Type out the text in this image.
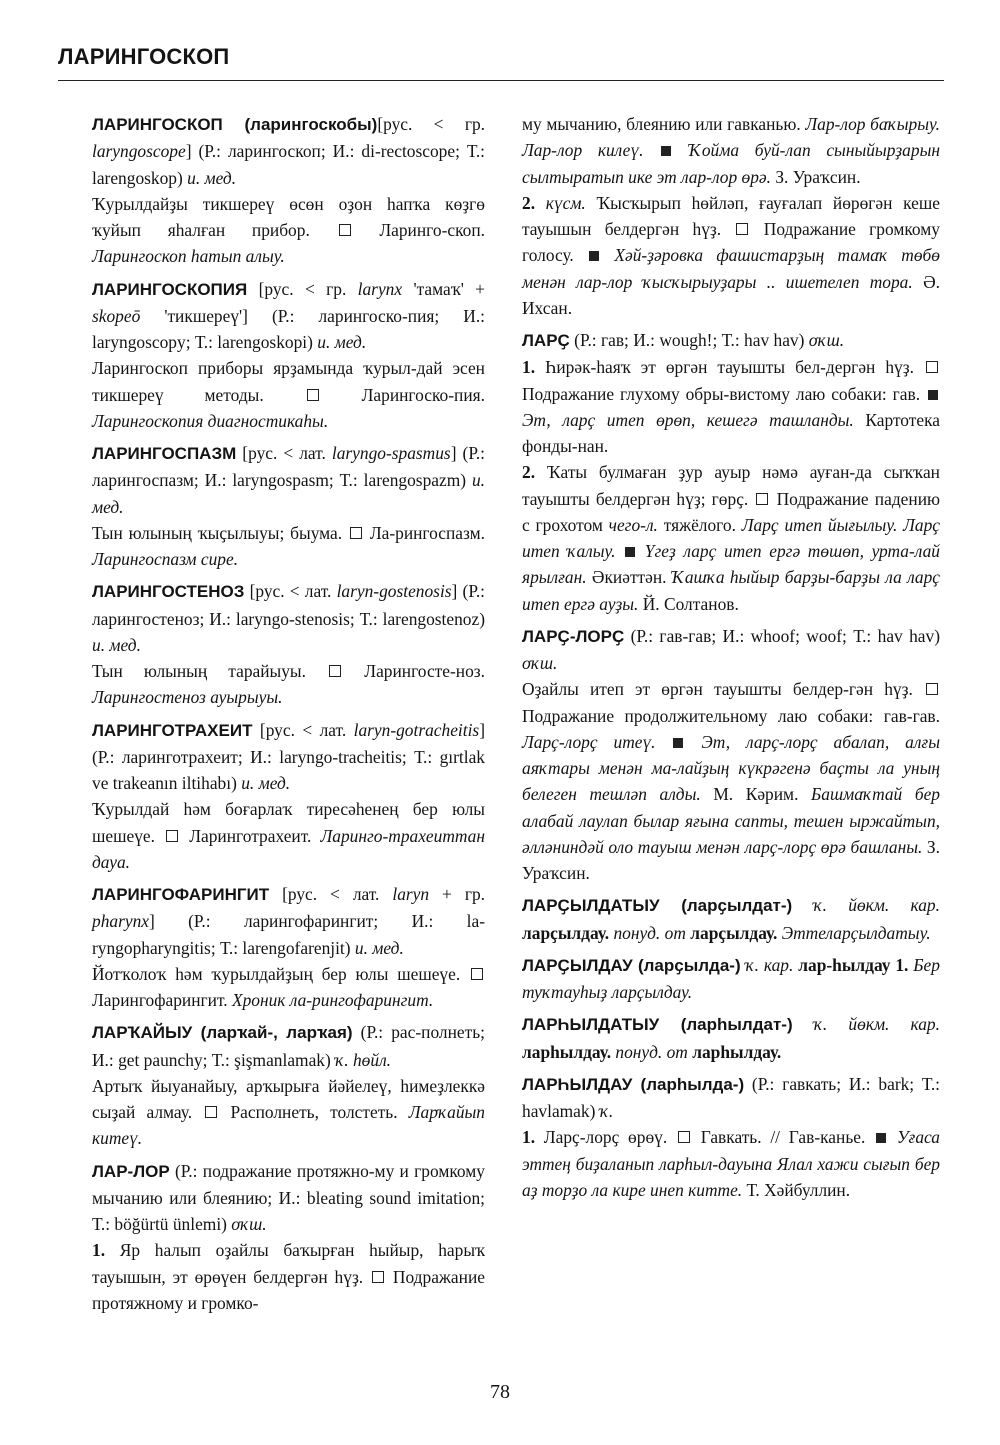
ЛАРИНГОСКОП

ЛАРИНГОСКОП (ларингоскобы)[рус. < гр. laryngoscope] (Р.: ларингоскоп; И.: di-rectoscope; Т.: larengoskop) и. мед.

Ҡурылдайҙы тикшереү өсөн оҙон һапҡа көҙгө ҡуйып яһалған прибор.  Ларинго-скоп. Ларингоскоп һатып алыу.

ЛАРИНГОСКОПИЯ [рус. < гр. larynx 'тамаҡ' + skopeō 'тикшереү'] (Р.: ларингоско-пия; И.: laryngoscopy; Т.: larengoskopi) и. мед.

Ларингоскоп приборы ярҙамында ҡурыл-дай эсен тикшереү методы.  Ларингоско-пия. Ларингоскопия диагностикаһы.

ЛАРИНГОСПАЗМ [рус. < лат. laryngo-spasmus] (Р.: ларингоспазм; И.: laryngospasm; Т.: larengospazm) и. мед.

Тын юлының ҡыҫылыуы; быума.  Ла-рингоспазм. Ларингоспазм сире.

ЛАРИНГОСТЕНОЗ [рус. < лат. laryn-gostenosis] (Р.: ларингостеноз; И.: laryngo-stenosis; Т.: larengostenoz) и. мед.

Тын юлының тарайыуы.  Ларингосте-ноз. Ларингостеноз ауырыуы.

ЛАРИНГОТРАХЕИТ [рус. < лат. laryn-gotracheitis] (Р.: ларинготрахеит; И.: laryngo-tracheitis; Т.: gırtlak ve trakeanın iltihabı) и. мед.

Ҡурылдай һәм боғарлаҡ тиресәһенең бер юлы шешеүе.  Ларинготрахеит. Ларинго-трахеиттан дауа.

ЛАРИНГОФАРИНГИТ [рус. < лат. laryn + гр. pharynx] (Р.: ларингофарингит; И.: la-ryngopharyngitis; Т.: larengofarenjit) и. мед.

Йотҡолоҡ һәм ҡурылдайҙың бер юлы шешеүе.  Ларингофарингит. Хроник ла-рингофарингит.

ЛАРҠАЙЫУ (ларҡай-, ларҡая) (Р.: рас-полнеть; И.: get paunchy; Т.: şişmanlamak) ҡ. һөйл.

Артыҡ йыуанайыу, арҡырыға йәйелеү, һимеҙлеккә сыҙай алмау.  Располнеть, толстеть. Ларҡайып китеү.

ЛАР-ЛОР (Р.: подражание протяжно-му и громкому мычанию или блеянию; И.: bleating sound imitation; Т.: böğürtü ünlemi) оҡш.

1. Яр һалып оҙайлы баҡырған һыйыр, һарыҡ тауышын, эт өрөүен белдергән һүҙ.  Подражание протяжному и громко-

му мычанию, блеянию или гавканью. Лар-лор баҡырыу. Лар-лор килеү.	Ҡойма буй-лап сыныйырҙарын сылтыратып ике эт лар-лор өрә. З. Ураҡсин.

2. күсм. Ҡысҡырып һөйләп, ғауғалап йөрөгән кеше тауышын белдергән һүҙ.  Подражание громкому голосу.  Хәй-ҙәровка фашистарҙың тамаҡ төбө менән лар-лор ҡысҡырыуҙары .. ишетелеп тора. Ә. Ихсан.

ЛАРҪ (Р.: гав; И.: wough!; Т.: hav hav) оҡш.

1. Һирәк-һаяҡ эт өргән тауышты бел-дергән һүҙ.  Подражание глухому обры-вистому лаю собаки: гав.  Эт, ларҫ итеп өрөп, кешегә ташланды. Картотека фонды-нан.

2. Ҡаты булмаған ҙур ауыр нәмә ауған-да сыҡҡан тауышты белдергән һүҙ; гөрҫ.  Подражание падению с грохотом чего-л. тяжёлого. Ларҫ итеп йығылыу. Ларҫ итеп ҡалыу. Үгеҙ ларҫ итеп ергә төшөп, урта-лай ярылған. Әкиәттән. Ҡашҡа һыйыр барҙы-барҙы ла ларҫ итеп ергә ауҙы. Й. Солтанов.

ЛАРҪ-ЛОРҪ (Р.: гав-гав; И.: whoof; woof; Т.: hav hav) оҡш.

Оҙайлы итеп эт өргән тауышты белдер-гән һүҙ.  Подражание продолжительному лаю собаки: гав-гав. Ларҫ-лорҫ итеү.	Эт, ларҫ-лорҫ абалап, алғы аяҡтары менән ма-лайҙың күкрәгенә баҫты ла уның белеген тешләп алды. М. Кәрим. Башмаҡтай бер алабай лаулап былар яғына сапты, тешен ыржайтып, әлләниндәй оло тауыш менән ларҫ-лорҫ өрә башланы. З. Ураҡсин.

ЛАРҪЫЛДАТЫУ (ларҫылдат-) ҡ. йөкм. кар. ларҫылдау. понуд. от ларҫылдау. Эттеларҫылдатыу.

ЛАРҪЫЛДАУ (ларҫылда-) ҡ. кар. лар-һылдау 1. Бер туҡтауһыҙ ларҫылдау.

ЛАРҺЫЛДАТЫУ (ларһылдат-) ҡ. йөкм. кар. ларһылдау. понуд. от ларһылдау.

ЛАРҺЫЛДАУ (ларһылда-) (Р.: гавкать; И.: bark; Т.: havlamak) ҡ.

1. Ларҫ-лорҫ өрөү.  Гавкать. // Гав-канье.  Уғаса эттең биҙаланып ларһыл-дауына Ялал хажи сығып бер аҙ торҙо ла кире инеп китте. Т. Хәйбуллин.

78
